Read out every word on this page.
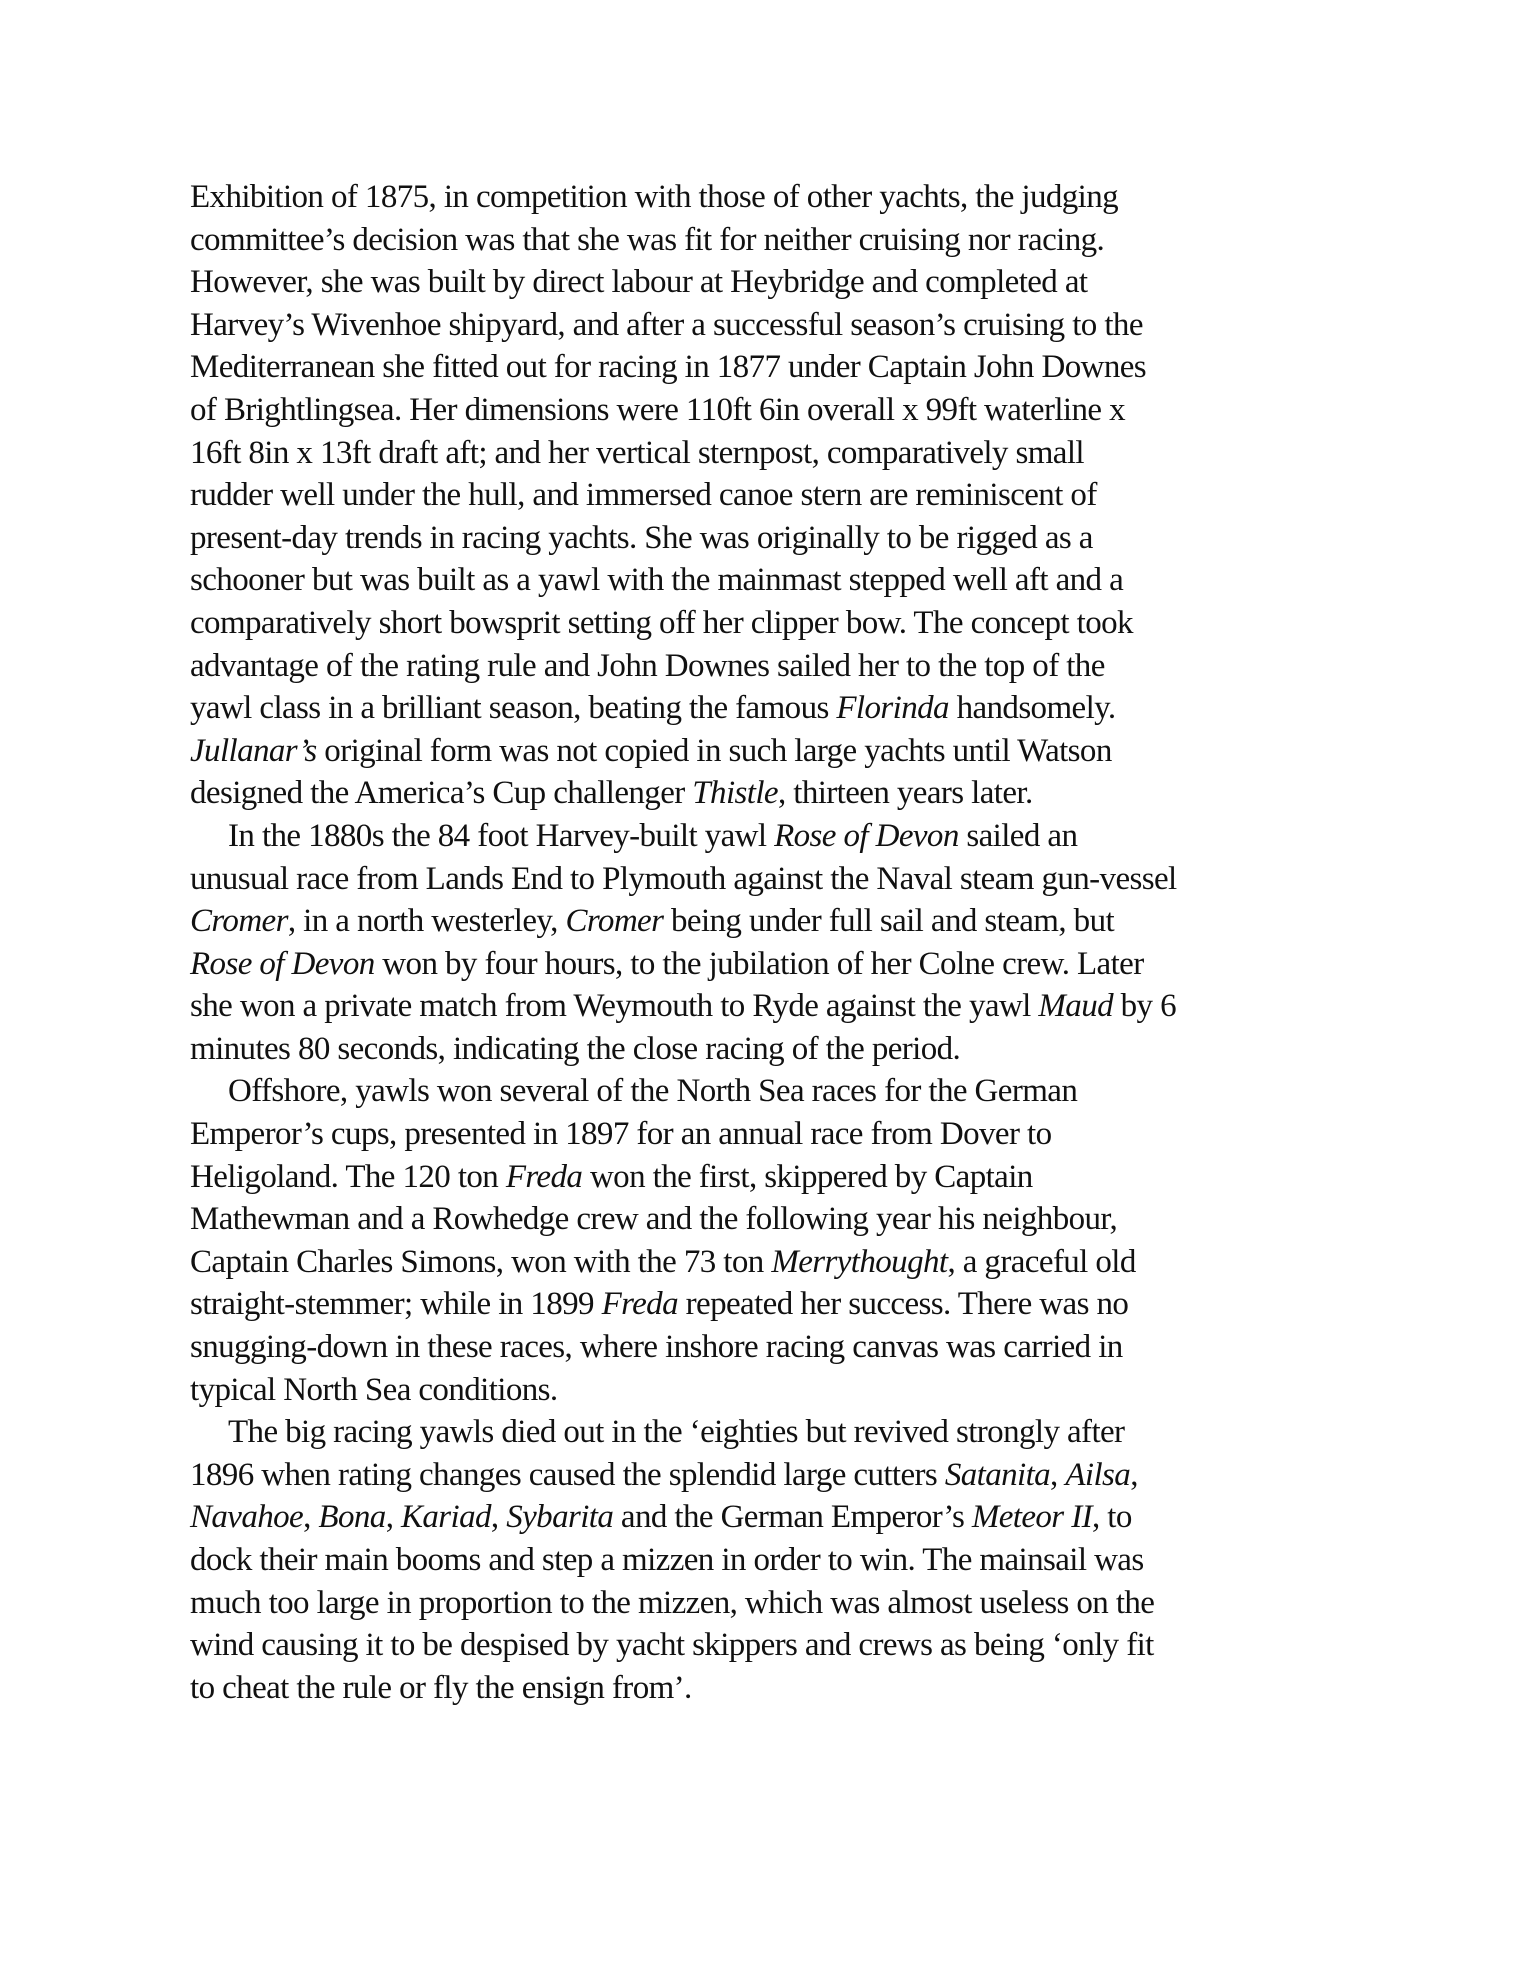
Exhibition of 1875, in competition with those of other yachts, the judging
committee’s decision was that she was fit for neither cruising nor racing.
However, she was built by direct labour at Heybridge and completed at
Harvey’s Wivenhoe shipyard, and after a successful season’s cruising to the
Mediterranean she fitted out for racing in 1877 under Captain John Downes
of Brightlingsea. Her dimensions were 110ft 6in overall x 99ft waterline x
16ft 8in x 13ft draft aft; and her vertical sternpost, comparatively small
rudder well under the hull, and immersed canoe stern are reminiscent of
present-day trends in racing yachts. She was originally to be rigged as a
schooner but was built as a yawl with the mainmast stepped well aft and a
comparatively short bowsprit setting off her clipper bow. The concept took
advantage of the rating rule and John Downes sailed her to the top of the
yawl class in a brilliant season, beating the famous Florinda handsomely.
Jullanar’s original form was not copied in such large yachts until Watson
designed the America’s Cup challenger Thistle, thirteen years later.
In the 1880s the 84 foot Harvey-built yawl Rose of Devon sailed an
unusual race from Lands End to Plymouth against the Naval steam gun-vessel
Cromer, in a north westerley, Cromer being under full sail and steam, but
Rose of Devon won by four hours, to the jubilation of her Colne crew. Later
she won a private match from Weymouth to Ryde against the yawl Maud by 6
minutes 80 seconds, indicating the close racing of the period.
Offshore, yawls won several of the North Sea races for the German
Emperor’s cups, presented in 1897 for an annual race from Dover to
Heligoland. The 120 ton Freda won the first, skippered by Captain
Mathewman and a Rowhedge crew and the following year his neighbour,
Captain Charles Simons, won with the 73 ton Merrythought, a graceful old
straight-stemmer; while in 1899 Freda repeated her success. There was no
snugging-down in these races, where inshore racing canvas was carried in
typical North Sea conditions.
The big racing yawls died out in the ‘eighties but revived strongly after
1896 when rating changes caused the splendid large cutters Satanita, Ailsa,
Navahoe, Bona, Kariad, Sybarita and the German Emperor’s Meteor II, to
dock their main booms and step a mizzen in order to win. The mainsail was
much too large in proportion to the mizzen, which was almost useless on the
wind causing it to be despised by yacht skippers and crews as being ‘only fit
to cheat the rule or fly the ensign from’.
